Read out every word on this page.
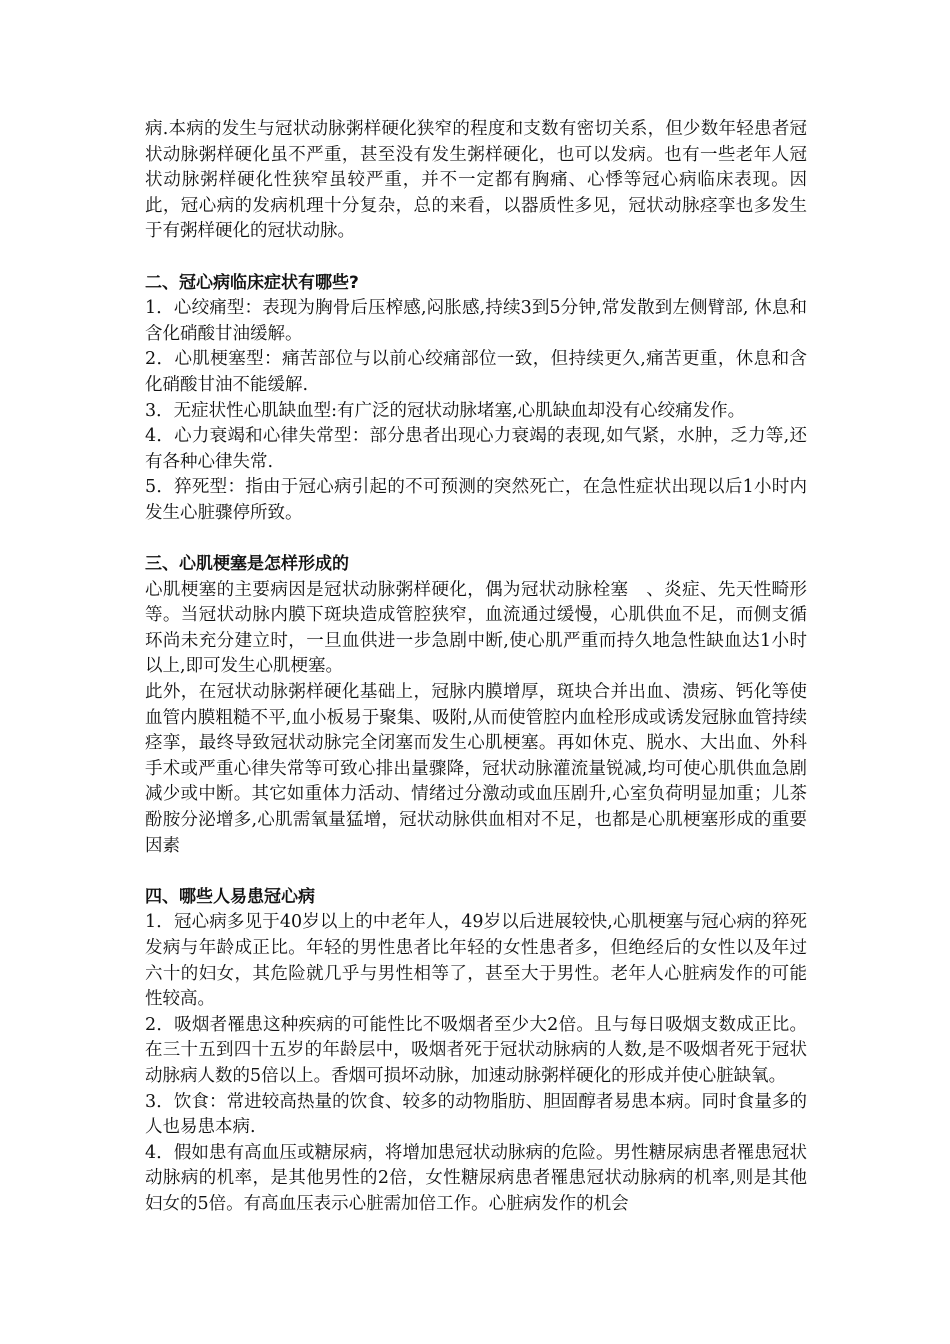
病.本病的发生与冠状动脉粥样硬化狭窄的程度和支数有密切关系，但少数年轻患者冠状动脉粥样硬化虽不严重，甚至没有发生粥样硬化，也可以发病。也有一些老年人冠状动脉粥样硬化性狭窄虽较严重，并不一定都有胸痛、心悸等冠心病临床表现。因此，冠心病的发病机理十分复杂，总的来看，以器质性多见，冠状动脉痉挛也多发生于有粥样硬化的冠状动脉。

二、冠心病临床症状有哪些?

1．心绞痛型：表现为胸骨后压榨感,闷胀感,持续3到5分钟,常发散到左侧臂部, 休息和含化硝酸甘油缓解。

2．心肌梗塞型：痛苦部位与以前心绞痛部位一致，但持续更久,痛苦更重，休息和含化硝酸甘油不能缓解.

3．无症状性心肌缺血型:有广泛的冠状动脉堵塞,心肌缺血却没有心绞痛发作。

4．心力衰竭和心律失常型：部分患者出现心力衰竭的表现,如气紧，水肿，乏力等,还有各种心律失常.

5．猝死型：指由于冠心病引起的不可预测的突然死亡，在急性症状出现以后1小时内发生心脏骤停所致。

三、心肌梗塞是怎样形成的

心肌梗塞的主要病因是冠状动脉粥样硬化，偶为冠状动脉栓塞　、炎症、先天性畸形等。当冠状动脉内膜下斑块造成管腔狭窄，血流通过缓慢，心肌供血不足，而侧支循环尚未充分建立时，一旦血供进一步急剧中断,使心肌严重而持久地急性缺血达1小时以上,即可发生心肌梗塞。

此外，在冠状动脉粥样硬化基础上，冠脉内膜增厚，斑块合并出血、溃疡、钙化等使血管内膜粗糙不平,血小板易于聚集、吸附,从而使管腔内血栓形成或诱发冠脉血管持续痉挛，最终导致冠状动脉完全闭塞而发生心肌梗塞。再如休克、脱水、大出血、外科手术或严重心律失常等可致心排出量骤降，冠状动脉灌流量锐减,均可使心肌供血急剧减少或中断。其它如重体力活动、情绪过分激动或血压剧升,心室负荷明显加重；儿茶酚胺分泌增多,心肌需氧量猛增，冠状动脉供血相对不足，也都是心肌梗塞形成的重要因素

四、哪些人易患冠心病

1．冠心病多见于40岁以上的中老年人，49岁以后进展较快,心肌梗塞与冠心病的猝死发病与年龄成正比。年轻的男性患者比年轻的女性患者多，但绝经后的女性以及年过六十的妇女，其危险就几乎与男性相等了，甚至大于男性。老年人心脏病发作的可能性较高。

2．吸烟者罹患这种疾病的可能性比不吸烟者至少大2倍。且与每日吸烟支数成正比。在三十五到四十五岁的年龄层中，吸烟者死于冠状动脉病的人数,是不吸烟者死于冠状动脉病人数的5倍以上。香烟可损坏动脉，加速动脉粥样硬化的形成并使心脏缺氧。

3．饮食：常进较高热量的饮食、较多的动物脂肪、胆固醇者易患本病。同时食量多的人也易患本病.

4．假如患有高血压或糖尿病，将增加患冠状动脉病的危险。男性糖尿病患者罹患冠状动脉病的机率，是其他男性的2倍，女性糖尿病患者罹患冠状动脉病的机率,则是其他妇女的5倍。有高血压表示心脏需加倍工作。心脏病发作的机会
